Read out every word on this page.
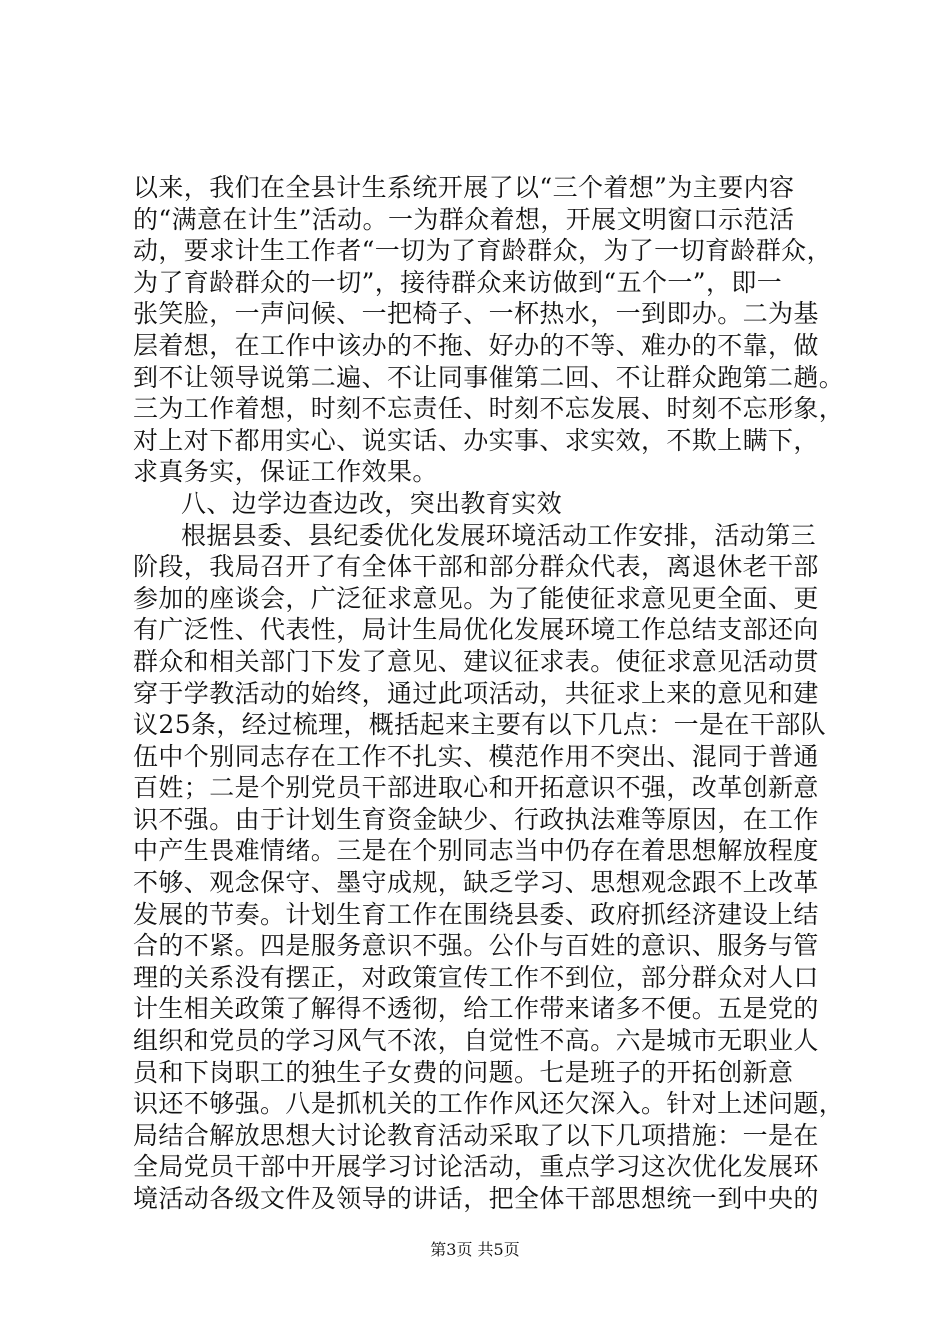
以来，我们在全县计生系统开展了以“三个着想”为主要内容
的“满意在计生”活动。一为群众着想，开展文明窗口示范活
动，要求计生工作者“一切为了育龄群众，为了一切育龄群众，
为了育龄群众的一切”，接待群众来访做到“五个一”，即一
张笑脸，一声问候、一把椅子、一杯热水，一到即办。二为基
层着想，在工作中该办的不拖、好办的不等、难办的不靠，做
到不让领导说第二遍、不让同事催第二回、不让群众跑第二趟。
三为工作着想，时刻不忘责任、时刻不忘发展、时刻不忘形象，
对上对下都用实心、说实话、办实事、求实效，不欺上瞒下，
求真务实，保证工作效果。
八、边学边查边改，突出教育实效
根据县委、县纪委优化发展环境活动工作安排，活动第三
阶段，我局召开了有全体干部和部分群众代表，离退休老干部
参加的座谈会，广泛征求意见。为了能使征求意见更全面、更
有广泛性、代表性，局计生局优化发展环境工作总结支部还向
群众和相关部门下发了意见、建议征求表。使征求意见活动贯
穿于学教活动的始终，通过此项活动，共征求上来的意见和建
议25条，经过梳理，概括起来主要有以下几点：一是在干部队
伍中个别同志存在工作不扎实、模范作用不突出、混同于普通
百姓；二是个别党员干部进取心和开拓意识不强，改革创新意
识不强。由于计划生育资金缺少、行政执法难等原因，在工作
中产生畏难情绪。三是在个别同志当中仍存在着思想解放程度
不够、观念保守、墨守成规，缺乏学习、思想观念跟不上改革
发展的节奏。计划生育工作在围绕县委、政府抓经济建设上结
合的不紧。四是服务意识不强。公仆与百姓的意识、服务与管
理的关系没有摆正，对政策宣传工作不到位，部分群众对人口
计生相关政策了解得不透彻，给工作带来诸多不便。五是党的
组织和党员的学习风气不浓，自觉性不高。六是城市无职业人
员和下岗职工的独生子女费的问题。七是班子的开拓创新意
识还不够强。八是抓机关的工作作风还欠深入。针对上述问题，
局结合解放思想大讨论教育活动采取了以下几项措施：一是在
全局党员干部中开展学习讨论活动，重点学习这次优化发展环
境活动各级文件及领导的讲话，把全体干部思想统一到中央的
第3页 共5页
